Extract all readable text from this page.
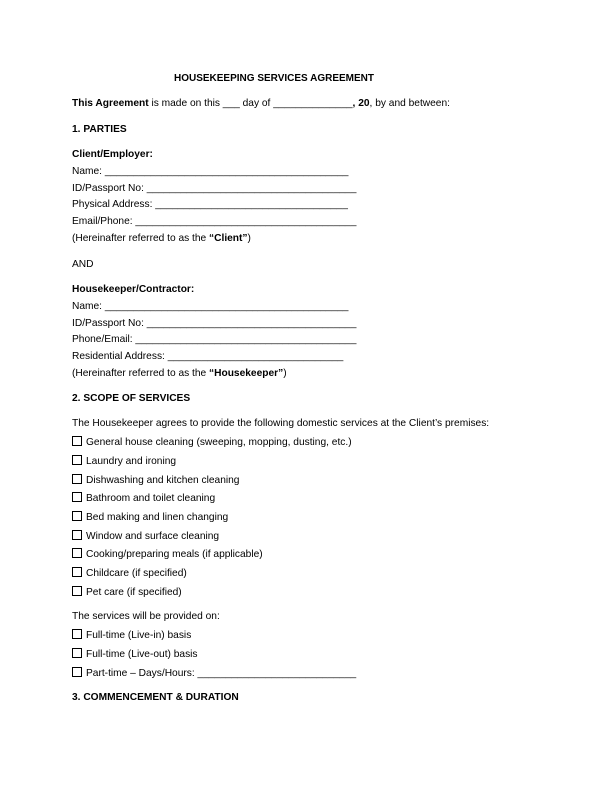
HOUSEKEEPING SERVICES AGREEMENT
This Agreement is made on this ___ day of ______________, 20, by and between:
1. PARTIES
Client/Employer:
Name: ___________________________________________
ID/Passport No: _____________________________________
Physical Address: __________________________________
Email/Phone: _______________________________________
(Hereinafter referred to as the “Client”)
AND
Housekeeper/Contractor:
Name: ___________________________________________
ID/Passport No: _____________________________________
Phone/Email: _______________________________________
Residential Address: _______________________________
(Hereinafter referred to as the “Housekeeper”)
2. SCOPE OF SERVICES
The Housekeeper agrees to provide the following domestic services at the Client’s premises:
General house cleaning (sweeping, mopping, dusting, etc.)
Laundry and ironing
Dishwashing and kitchen cleaning
Bathroom and toilet cleaning
Bed making and linen changing
Window and surface cleaning
Cooking/preparing meals (if applicable)
Childcare (if specified)
Pet care (if specified)
The services will be provided on:
Full-time (Live-in) basis
Full-time (Live-out) basis
Part-time – Days/Hours: ____________________________
3. COMMENCEMENT & DURATION
